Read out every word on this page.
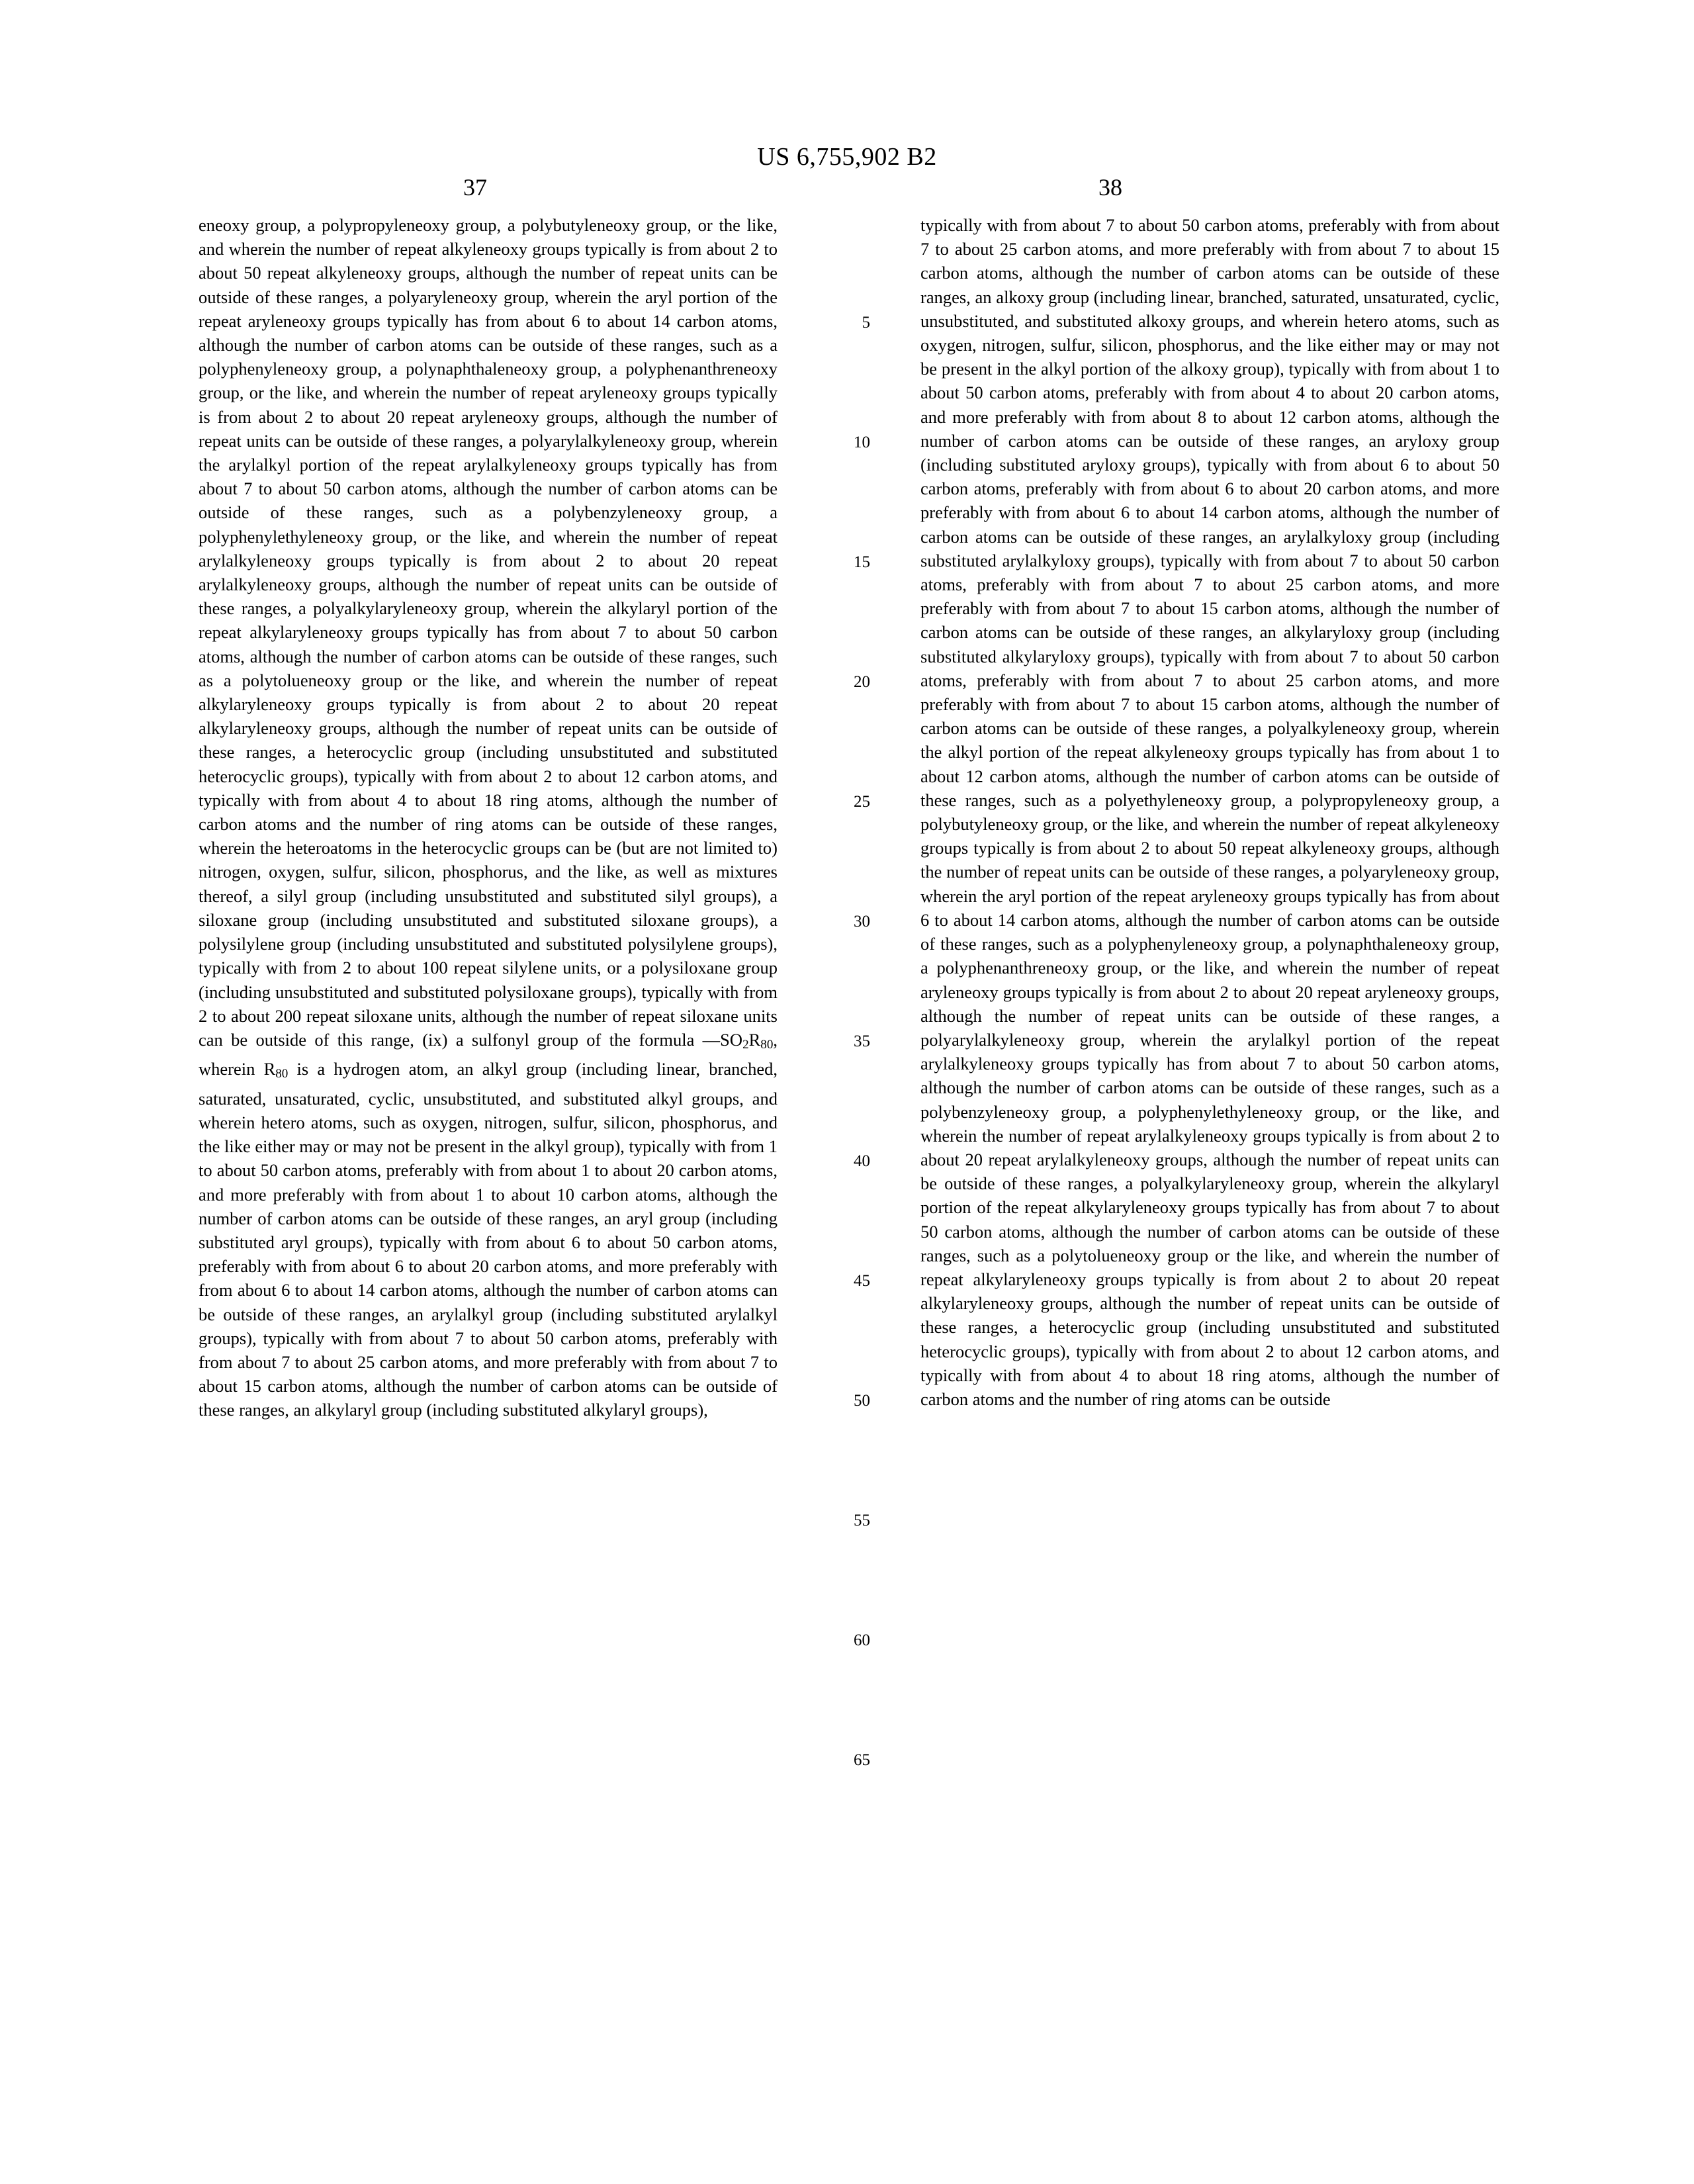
US 6,755,902 B2
37	38

eneoxy group, a polypropyleneoxy group, a polybutyleneoxy group, or the like, and wherein the number of repeat alkyleneoxy groups typically is from about 2 to about 50 repeat alkyleneoxy groups, although the number of repeat units can be outside of these ranges, a polyaryleneoxy group, wherein the aryl portion of the repeat aryleneoxy groups typically has from about 6 to about 14 carbon atoms, although the number of carbon atoms can be outside of these ranges, such as a polyphenyleneoxy group, a polynaphthaleneoxy group, a polyphenanthreneoxy group, or the like, and wherein the number of repeat aryleneoxy groups typically is from about 2 to about 20 repeat aryleneoxy groups, although the number of repeat units can be outside of these ranges, a polyarylalkyleneoxy group, wherein the arylalkyl portion of the repeat arylalkyleneoxy groups typically has from about 7 to about 50 carbon atoms, although the number of carbon atoms can be outside of these ranges, such as a polybenzyleneoxy group, a polyphenylethyleneoxy group, or the like, and wherein the number of repeat arylalkyleneoxy groups typically is from about 2 to about 20 repeat arylalkyleneoxy groups, although the number of repeat units can be outside of these ranges, a polyalkylaryleneoxy group, wherein the alkylaryl portion of the repeat alkylaryleneoxy groups typically has from about 7 to about 50 carbon atoms, although the number of carbon atoms can be outside of these ranges, such as a polytolueneoxy group or the like, and wherein the number of repeat alkylaryleneoxy groups typically is from about 2 to about 20 repeat alkylaryleneoxy groups, although the number of repeat units can be outside of these ranges, a heterocyclic group (including unsubstituted and substituted heterocyclic groups), typically with from about 2 to about 12 carbon atoms, and typically with from about 4 to about 18 ring atoms, although the number of carbon atoms and the number of ring atoms can be outside of these ranges, wherein the heteroatoms in the heterocyclic groups can be (but are not limited to) nitrogen, oxygen, sulfur, silicon, phosphorus, and the like, as well as mixtures thereof, a silyl group (including unsubstituted and substituted silyl groups), a siloxane group (including unsubstituted and substituted siloxane groups), a polysilylene group (including unsubstituted and substituted polysilylene groups), typically with from 2 to about 100 repeat silylene units, or a polysiloxane group (including unsubstituted and substituted polysiloxane groups), typically with from 2 to about 200 repeat siloxane units, although the number of repeat siloxane units can be outside of this range, (ix) a sulfonyl group of the formula $—SO_2R_{80}$, wherein $R_{80}$ is a hydrogen atom, an alkyl group (including linear, branched, saturated, unsaturated, cyclic, unsubstituted, and substituted alkyl groups, and wherein hetero atoms, such as oxygen, nitrogen, sulfur, silicon, phosphorus, and the like either may or may not be present in the alkyl group), typically with from 1 to about 50 carbon atoms, preferably with from about 1 to about 20 carbon atoms, and more preferably with from about 1 to about 10 carbon atoms, although the number of carbon atoms can be outside of these ranges, an aryl group (including substituted aryl groups), typically with from about 6 to about 50 carbon atoms, preferably with from about 6 to about 20 carbon atoms, and more preferably with from about 6 to about 14 carbon atoms, although the number of carbon atoms can be outside of these ranges, an arylalkyl group (including substituted arylalkyl groups), typically with from about 7 to about 50 carbon atoms, preferably with from about 7 to about 25 carbon atoms, and more preferably with from about 7 to about 15 carbon atoms, although the number of carbon atoms can be outside of these ranges, an alkylaryl group (including substituted alkylaryl groups),

typically with from about 7 to about 50 carbon atoms, preferably with from about 7 to about 25 carbon atoms, and more preferably with from about 7 to about 15 carbon atoms, although the number of carbon atoms can be outside of these ranges, an alkoxy group (including linear, branched, saturated, unsaturated, cyclic, unsubstituted, and substituted alkoxy groups, and wherein hetero atoms, such as oxygen, nitrogen, sulfur, silicon, phosphorus, and the like either may or may not be present in the alkyl portion of the alkoxy group), typically with from about 1 to about 50 carbon atoms, preferably with from about 4 to about 20 carbon atoms, and more preferably with from about 8 to about 12 carbon atoms, although the number of carbon atoms can be outside of these ranges, an aryloxy group (including substituted aryloxy groups), typically with from about 6 to about 50 carbon atoms, preferably with from about 6 to about 20 carbon atoms, and more preferably with from about 6 to about 14 carbon atoms, although the number of carbon atoms can be outside of these ranges, an arylalkyloxy group (including substituted arylalkyloxy groups), typically with from about 7 to about 50 carbon atoms, preferably with from about 7 to about 25 carbon atoms, and more preferably with from about 7 to about 15 carbon atoms, although the number of carbon atoms can be outside of these ranges, an alkylaryloxy group (including substituted alkylaryloxy groups), typically with from about 7 to about 50 carbon atoms, preferably with from about 7 to about 25 carbon atoms, and more preferably with from about 7 to about 15 carbon atoms, although the number of carbon atoms can be outside of these ranges, a polyalkyleneoxy group, wherein the alkyl portion of the repeat alkyleneoxy groups typically has from about 1 to about 12 carbon atoms, although the number of carbon atoms can be outside of these ranges, such as a polyethyleneoxy group, a polypropyleneoxy group, a polybutyleneoxy group, or the like, and wherein the number of repeat alkyleneoxy groups typically is from about 2 to about 50 repeat alkyleneoxy groups, although the number of repeat units can be outside of these ranges, a polyaryleneoxy group, wherein the aryl portion of the repeat aryleneoxy groups typically has from about 6 to about 14 carbon atoms, although the number of carbon atoms can be outside of these ranges, such as a polyphenyleneoxy group, a polynaphthaleneoxy group, a polyphenanthreneoxy group, or the like, and wherein the number of repeat aryleneoxy groups typically is from about 2 to about 20 repeat aryleneoxy groups, although the number of repeat units can be outside of these ranges, a polyarylalkyleneoxy group, wherein the arylalkyl portion of the repeat arylalkyleneoxy groups typically has from about 7 to about 50 carbon atoms, although the number of carbon atoms can be outside of these ranges, such as a polybenzyleneoxy group, a polyphenylethyleneoxy group, or the like, and wherein the number of repeat arylalkyleneoxy groups typically is from about 2 to about 20 repeat arylalkyleneoxy groups, although the number of repeat units can be outside of these ranges, a polyalkylaryleneoxy group, wherein the alkylaryl portion of the repeat alkylaryleneoxy groups typically has from about 7 to about 50 carbon atoms, although the number of carbon atoms can be outside of these ranges, such as a polytolueneoxy group or the like, and wherein the number of repeat alkylaryleneoxy groups typically is from about 2 to about 20 repeat alkylaryleneoxy groups, although the number of repeat units can be outside of these ranges, a heterocyclic group (including unsubstituted and substituted heterocyclic groups), typically with from about 2 to about 12 carbon atoms, and typically with from about 4 to about 18 ring atoms, although the number of carbon atoms and the number of ring atoms can be outside

5
10
15
20
25
30
35
40
45
50
55
60
65
